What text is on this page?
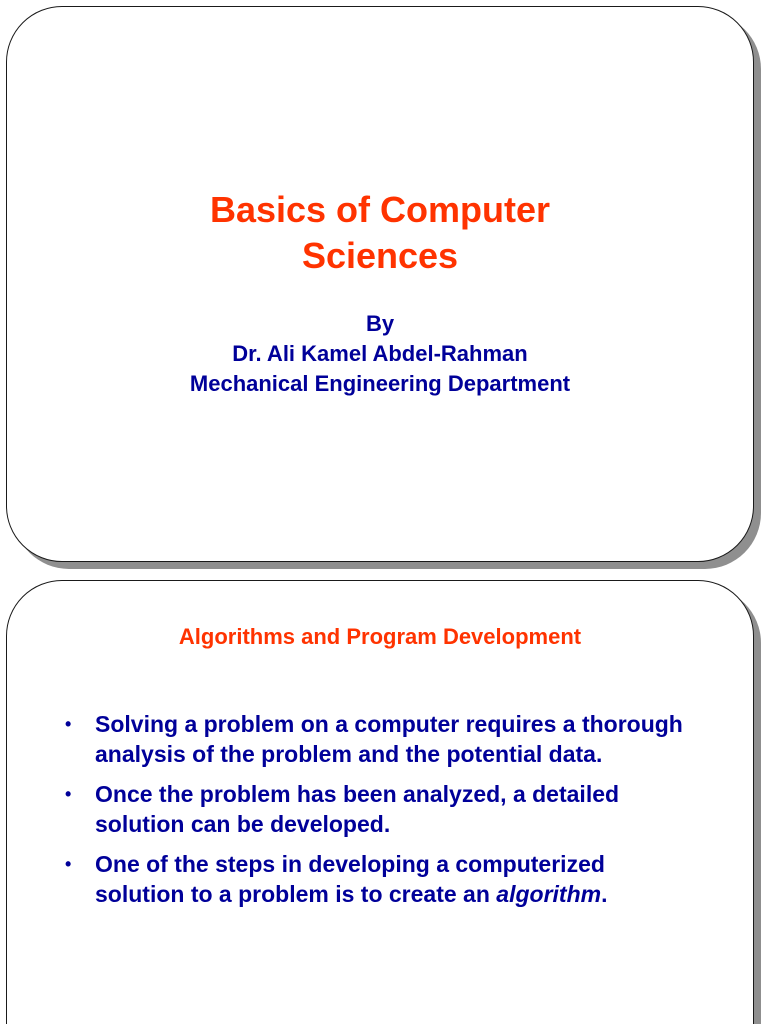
Basics of Computer
Sciences
By
Dr. Ali Kamel Abdel-Rahman
Mechanical Engineering Department
Algorithms and Program Development
• Solving a problem on a computer requires a thorough analysis of the problem and the potential data.
• Once the problem has been analyzed, a detailed solution can be developed.
• One of the steps in developing a computerized solution to a problem is to create an algorithm.
